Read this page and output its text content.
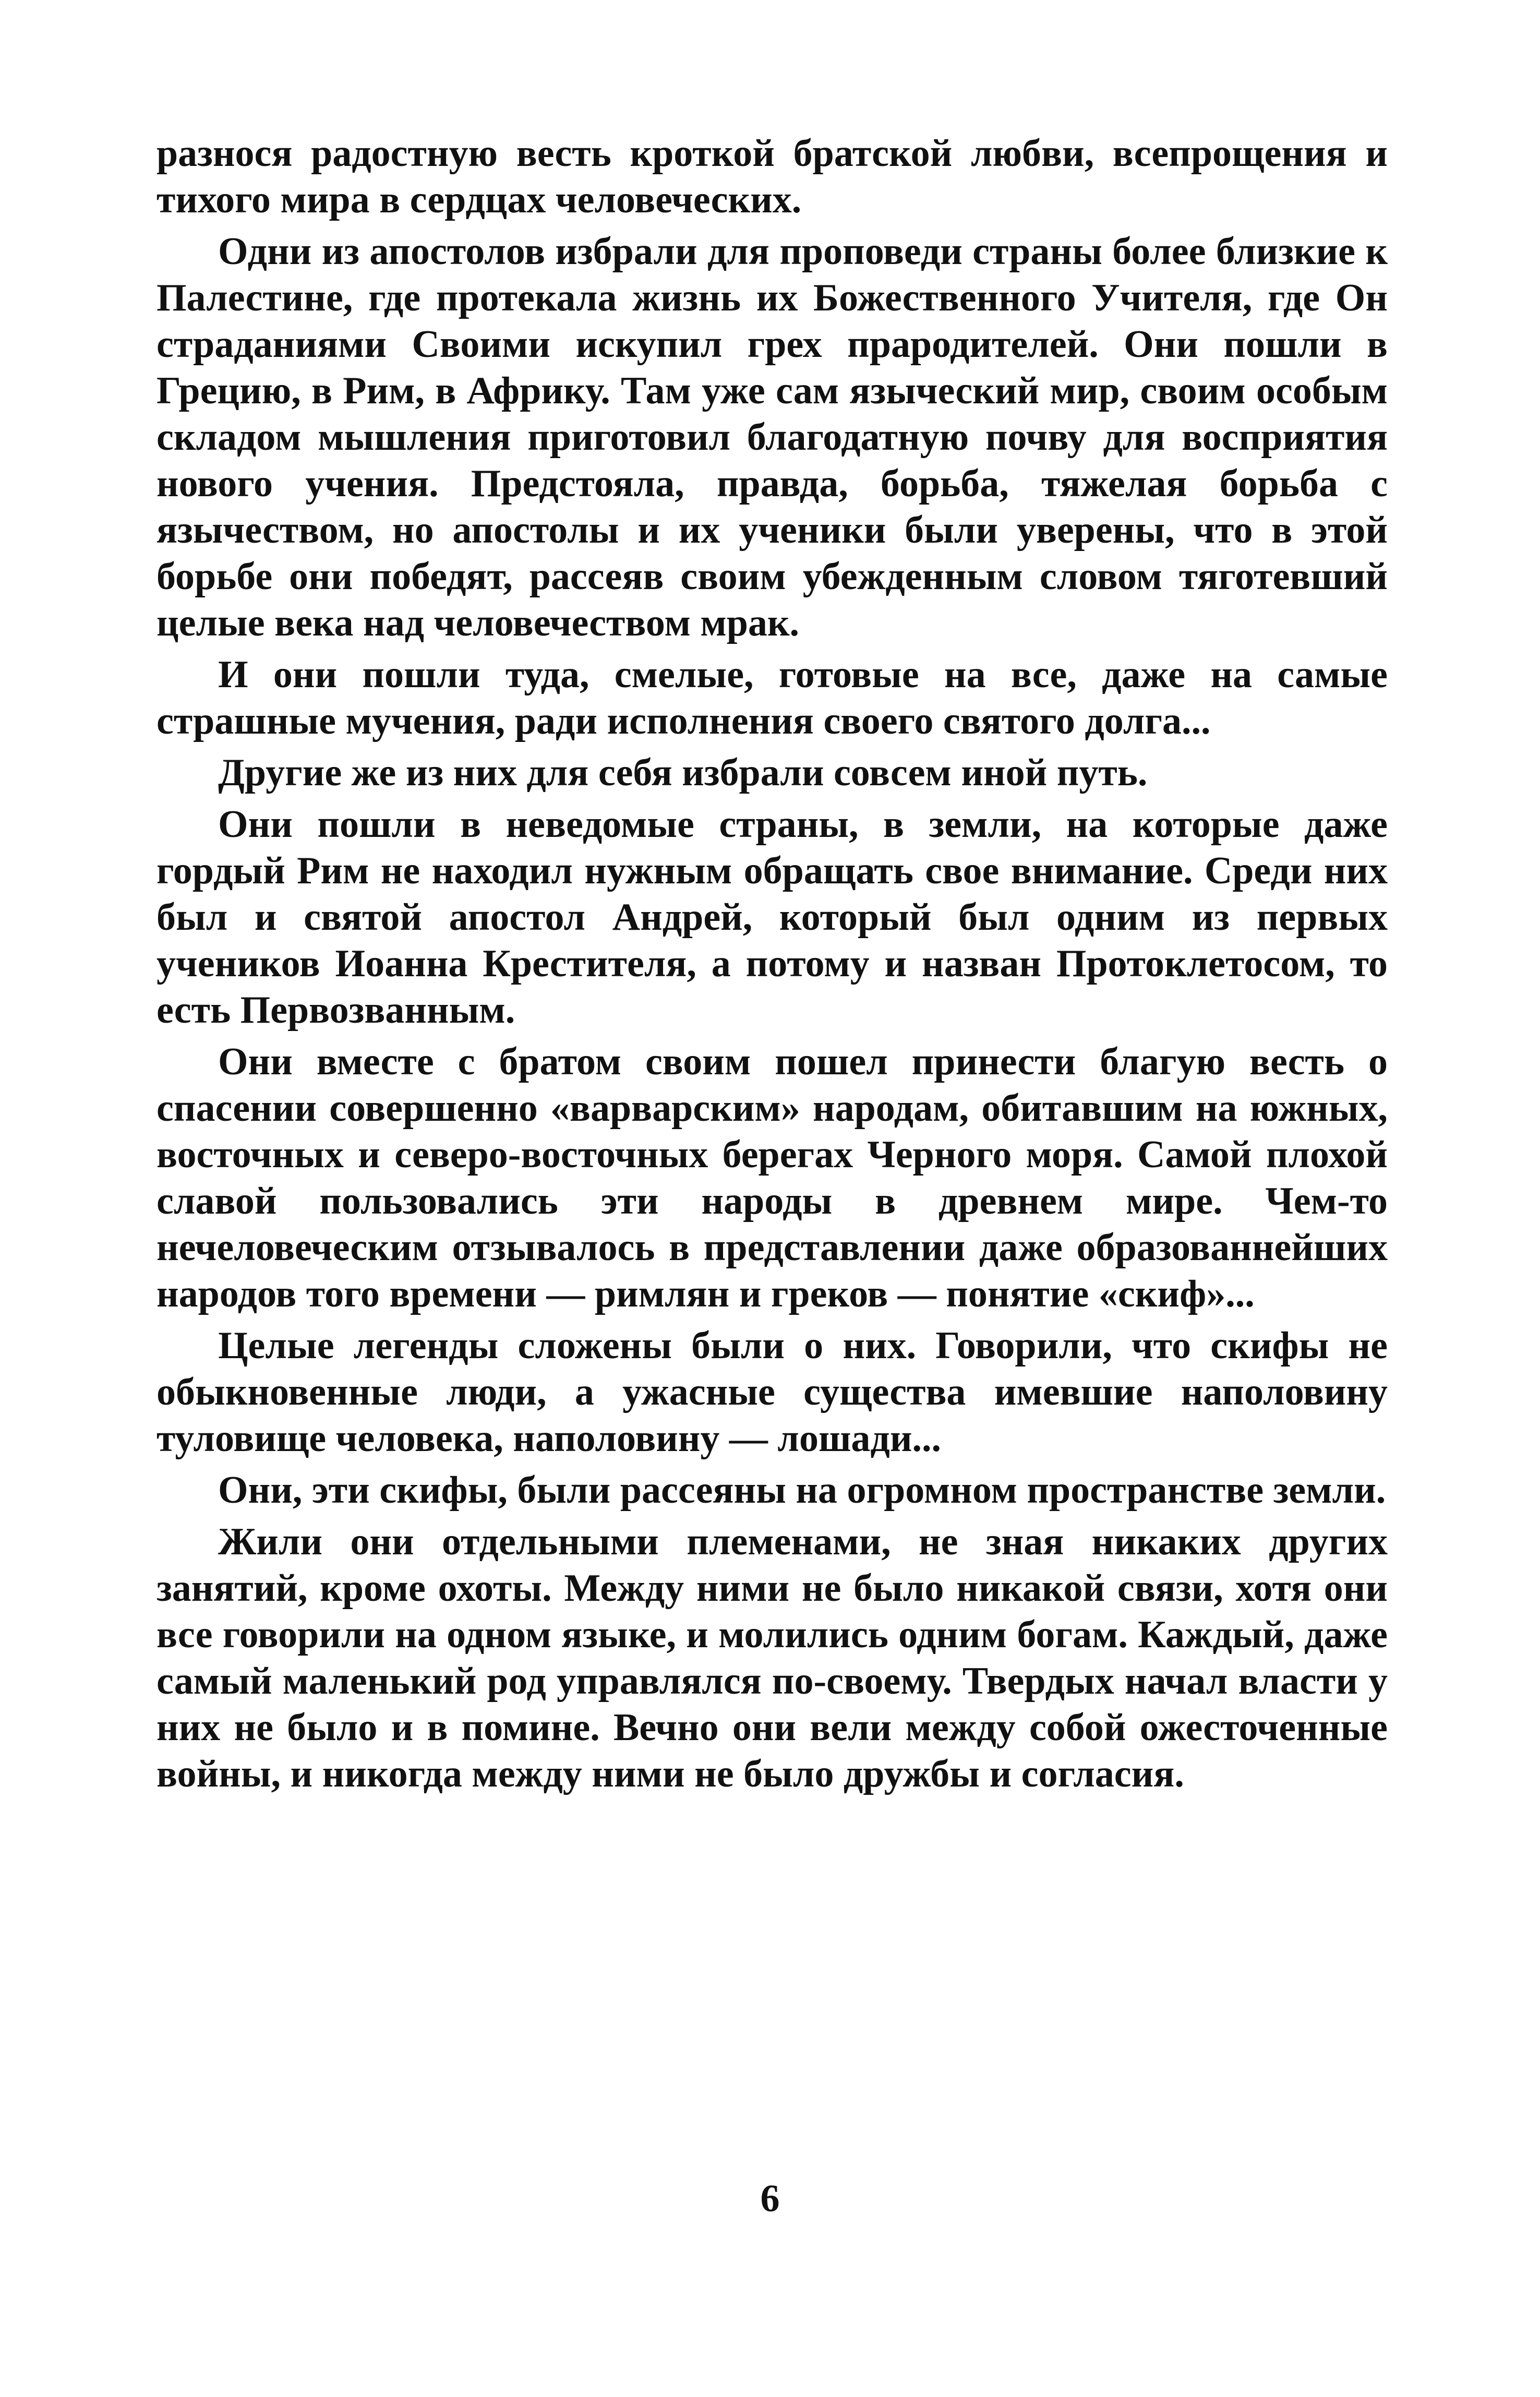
разнося радостную весть кроткой братской любви, всепрощения и тихого мира в сердцах человеческих.

Одни из апостолов избрали для проповеди страны более близкие к Палестине, где протекала жизнь их Божественного Учителя, где Он страданиями Своими искупил грех прародителей. Они пошли в Грецию, в Рим, в Африку. Там уже сам языческий мир, своим особым складом мышления приготовил благодатную почву для восприятия нового учения. Предстояла, правда, борьба, тяжелая борьба с язычеством, но апостолы и их ученики были уверены, что в этой борьбе они победят, рассеяв своим убежденным словом тяготевший целые века над человечеством мрак.

И они пошли туда, смелые, готовые на все, даже на самые страшные мучения, ради исполнения своего святого долга...

Другие же из них для себя избрали совсем иной путь.

Они пошли в неведомые страны, в земли, на которые даже гордый Рим не находил нужным обращать свое внимание. Среди них был и святой апостол Андрей, который был одним из первых учеников Иоанна Крестителя, а потому и назван Протоклетосом, то есть Первозванным.

Они вместе с братом своим пошел принести благую весть о спасении совершенно «варварским» народам, обитавшим на южных, восточных и северо-восточных берегах Черного моря. Самой плохой славой пользовались эти народы в древнем мире. Чем-то нечеловеческим отзывалось в представлении даже образованнейших народов того времени — римлян и греков — понятие «скиф»...

Целые легенды сложены были о них. Говорили, что скифы не обыкновенные люди, а ужасные существа имевшие наполовину туловище человека, наполовину — лошади...

Они, эти скифы, были рассеяны на огромном пространстве земли.

Жили они отдельными племенами, не зная никаких других занятий, кроме охоты. Между ними не было никакой связи, хотя они все говорили на одном языке, и молились одним богам. Каждый, даже самый маленький род управлялся по-своему. Твердых начал власти у них не было и в помине. Вечно они вели между собой ожесточенные войны, и никогда между ними не было дружбы и согласия.

6
